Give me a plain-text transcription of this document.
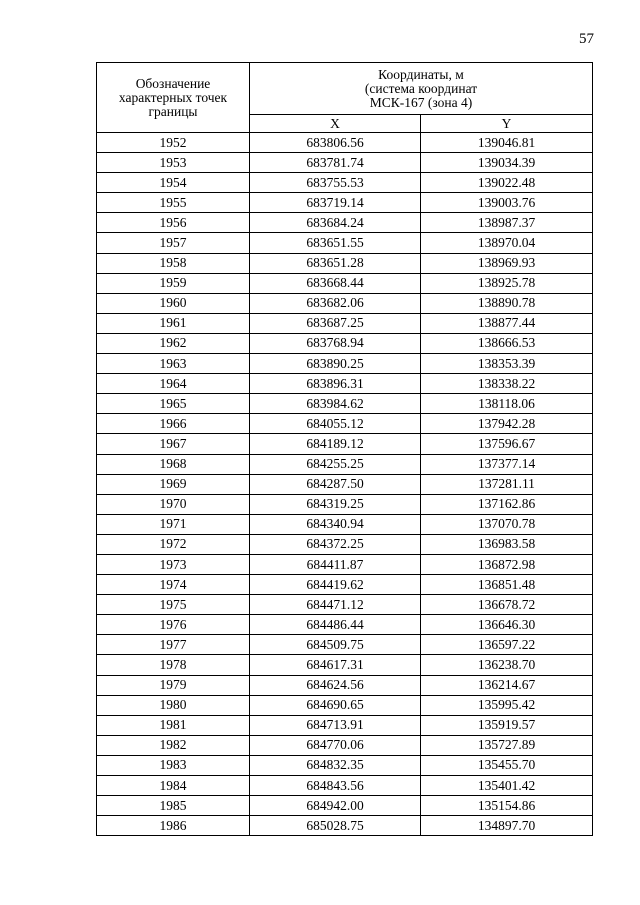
57
Обозначение
характерных точек
границы	Координаты, м
(система координат
МСК-167 (зона 4)	

	X	Y
1952	683806.56	139046.81
1953	683781.74	139034.39
1954	683755.53	139022.48
1955	683719.14	139003.76
1956	683684.24	138987.37
1957	683651.55	138970.04
1958	683651.28	138969.93
1959	683668.44	138925.78
1960	683682.06	138890.78
1961	683687.25	138877.44
1962	683768.94	138666.53
1963	683890.25	138353.39
1964	683896.31	138338.22
1965	683984.62	138118.06
1966	684055.12	137942.28
1967	684189.12	137596.67
1968	684255.25	137377.14
1969	684287.50	137281.11
1970	684319.25	137162.86
1971	684340.94	137070.78
1972	684372.25	136983.58
1973	684411.87	136872.98
1974	684419.62	136851.48
1975	684471.12	136678.72
1976	684486.44	136646.30
1977	684509.75	136597.22
1978	684617.31	136238.70
1979	684624.56	136214.67
1980	684690.65	135995.42
1981	684713.91	135919.57
1982	684770.06	135727.89
1983	684832.35	135455.70
1984	684843.56	135401.42
1985	684942.00	135154.86
1986	685028.75	134897.70
